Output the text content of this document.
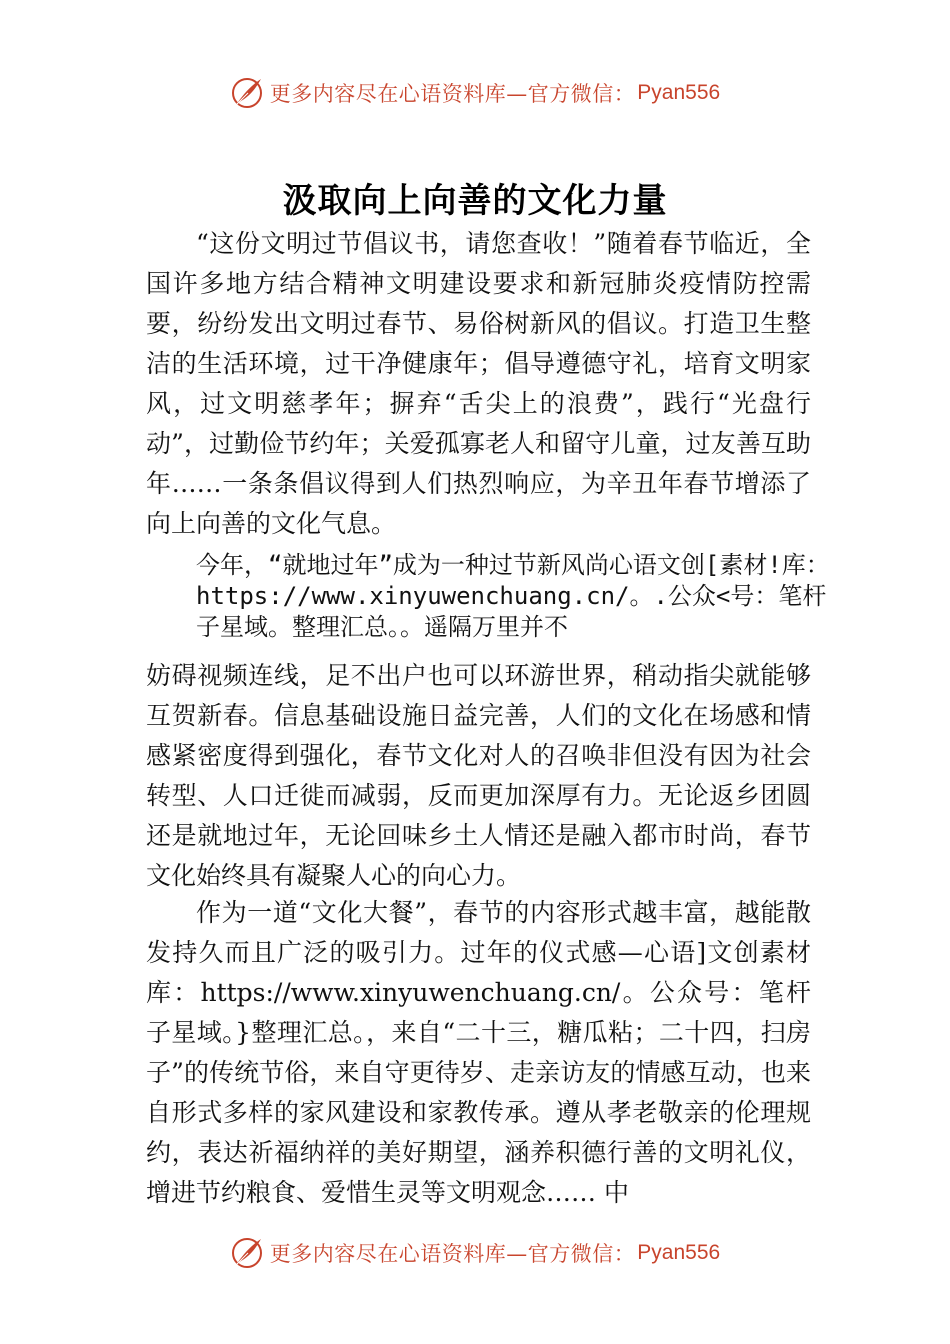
更多内容尽在心语资料库—官方微信： Pyan556
汲取向上向善的文化力量

“这份文明过节倡议书，请您查收！”随着春节临近，全国许多地方结合精神文明建设要求和新冠肺炎疫情防控需要，纷纷发出文明过春节、易俗树新风的倡议。打造卫生整洁的生活环境，过干净健康年；倡导遵德守礼，培育文明家风，过文明慈孝年；摒弃“舌尖上的浪费”，践行“光盘行动”，过勤俭节约年；关爱孤寡老人和留守儿童，过友善互助年……一条条倡议得到人们热烈响应，为辛丑年春节增添了向上向善的文化气息。

今年，“就地过年”成为一种过节新风尚心语文创[素材!库：https://www.xinyuwenchuang.cn/。.公众<号：笔杆子星域。整理汇总。。遥隔万里并不

妨碍视频连线，足不出户也可以环游世界，稍动指尖就能够互贺新春。信息基础设施日益完善，人们的文化在场感和情感紧密度得到强化，春节文化对人的召唤非但没有因为社会转型、人口迁徙而减弱，反而更加深厚有力。无论返乡团圆还是就地过年，无论回味乡土人情还是融入都市时尚，春节文化始终具有凝聚人心的向心力。

作为一道“文化大餐”，春节的内容形式越丰富，越能散发持久而且广泛的吸引力。过年的仪式感—心语]文创素材库：https://www.xinyuwenchuang.cn/。公众号：笔杆子星域。}整理汇总。，来自“二十三，糖瓜粘；二十四，扫房子”的传统节俗，来自守更待岁、走亲访友的情感互动，也来自形式多样的家风建设和家教传承。遵从孝老敬亲的伦理规约，表达祈福纳祥的美好期望，涵养积德行善的文明礼仪，增进节约粮食、爱惜生灵等文明观念…… 中

更多内容尽在心语资料库—官方微信： Pyan556
